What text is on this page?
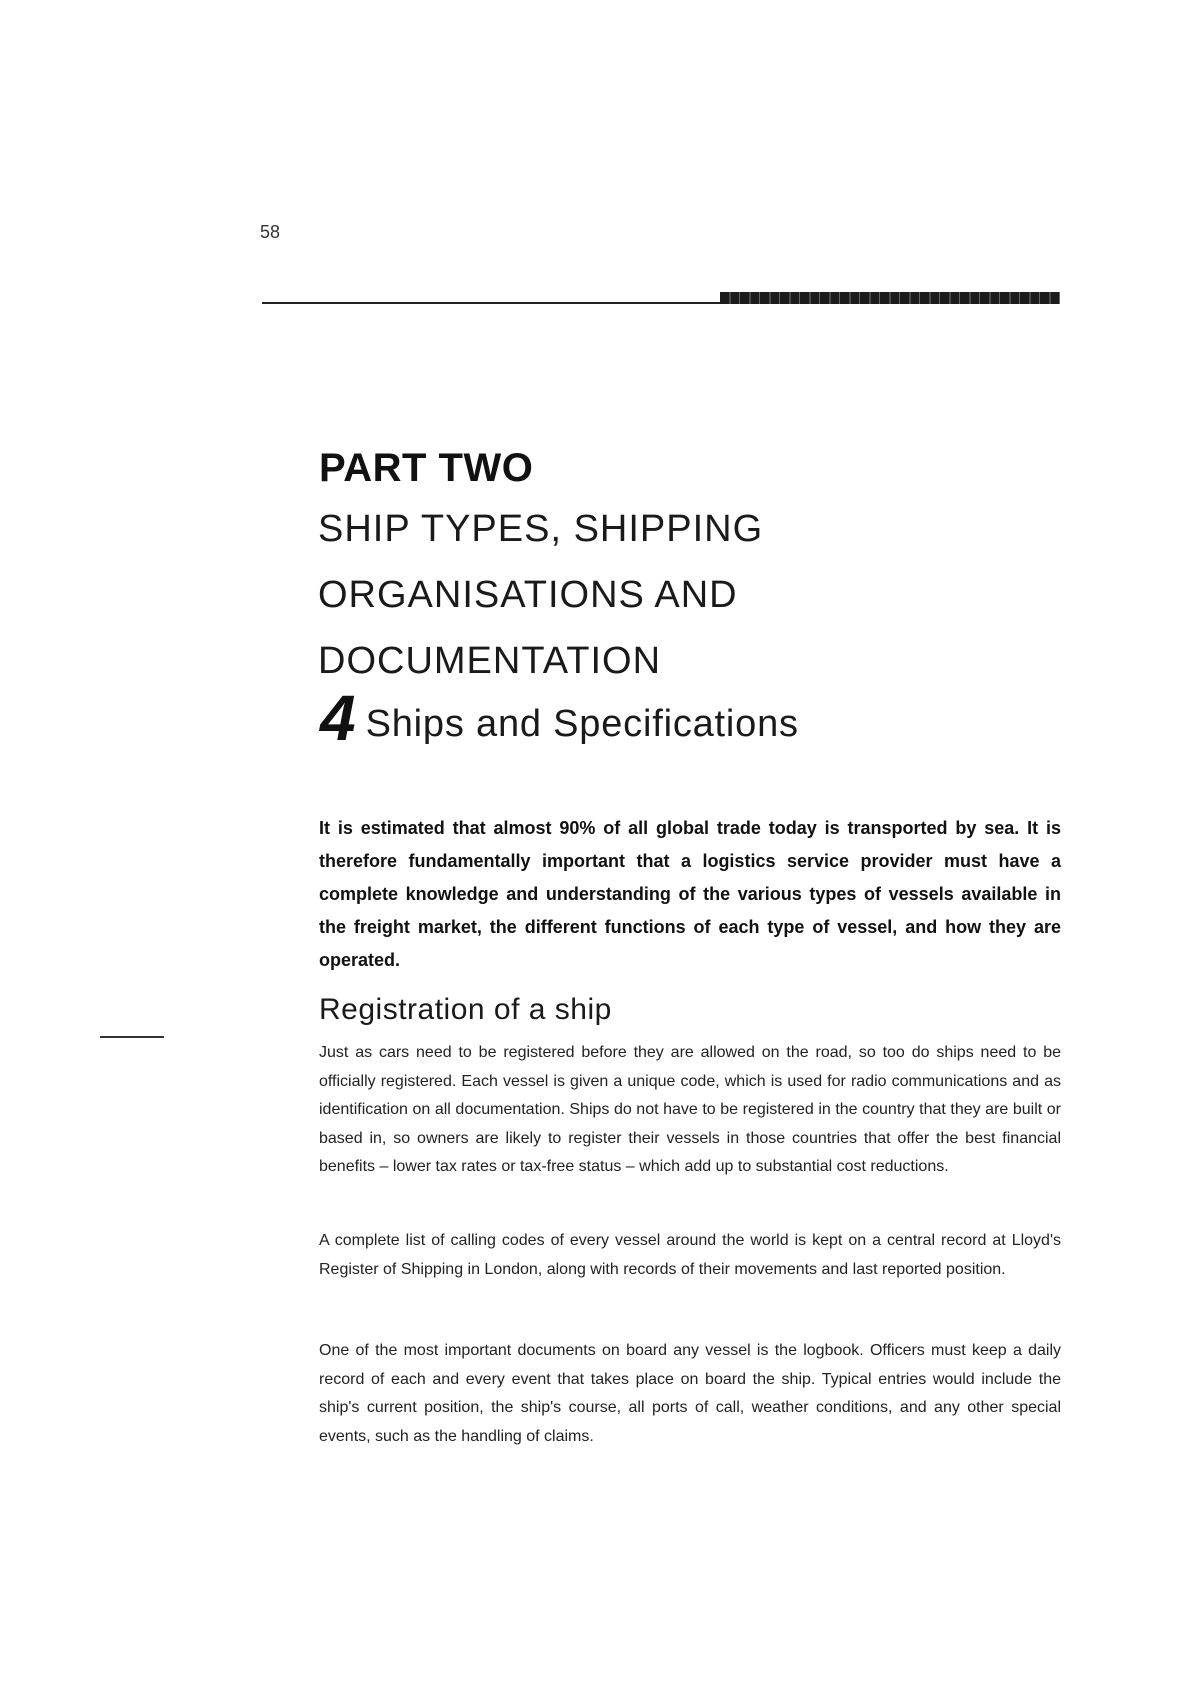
58
PART TWO
SHIP TYPES, SHIPPING
ORGANISATIONS AND
DOCUMENTATION
4 Ships and Specifications

It is estimated that almost 90% of all global trade today is transported by sea. It is therefore fundamentally important that a logistics service provider must have a complete knowledge and understanding of the various types of vessels available in the freight market, the different functions of each type of vessel, and how they are operated.

Registration of a ship

Just as cars need to be registered before they are allowed on the road, so too do ships need to be officially registered. Each vessel is given a unique code, which is used for radio communications and as identification on all documentation. Ships do not have to be registered in the country that they are built or based in, so owners are likely to register their vessels in those countries that offer the best financial benefits – lower tax rates or tax-free status – which add up to substantial cost reductions.

A complete list of calling codes of every vessel around the world is kept on a central record at Lloyd's Register of Shipping in London, along with records of their movements and last reported position.

One of the most important documents on board any vessel is the logbook. Officers must keep a daily record of each and every event that takes place on board the ship. Typical entries would include the ship's current position, the ship's course, all ports of call, weather conditions, and any other special events, such as the handling of claims.
